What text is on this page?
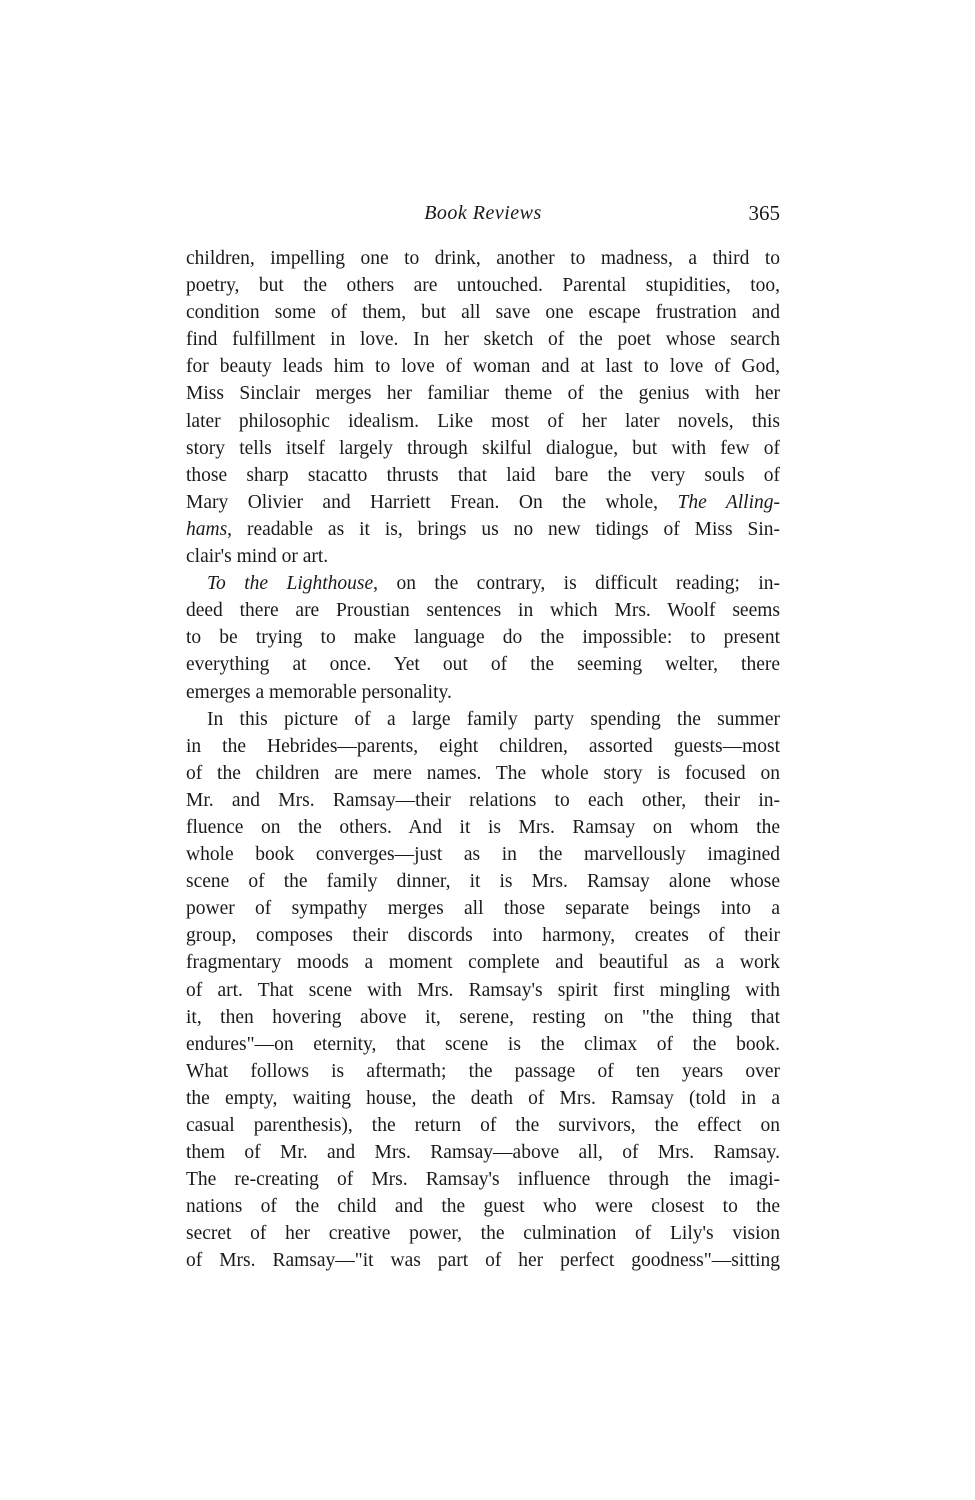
Book Reviews	365
children, impelling one to drink, another to madness, a third to
poetry, but the others are untouched. Parental stupidities, too,
condition some of them, but all save one escape frustration and
find fulfillment in love. In her sketch of the poet whose search
for beauty leads him to love of woman and at last to love of God,
Miss Sinclair merges her familiar theme of the genius with her
later philosophic idealism. Like most of her later novels, this
story tells itself largely through skilful dialogue, but with few of
those sharp stacatto thrusts that laid bare the very souls of
Mary Olivier and Harriett Frean. On the whole, The Alling-
hams, readable as it is, brings us no new tidings of Miss Sin-
clair's mind or art.
To the Lighthouse, on the contrary, is difficult reading; in-
deed there are Proustian sentences in which Mrs. Woolf seems
to be trying to make language do the impossible: to present
everything at once. Yet out of the seeming welter, there
emerges a memorable personality.
In this picture of a large family party spending the summer
in the Hebrides—parents, eight children, assorted guests—most
of the children are mere names. The whole story is focused on
Mr. and Mrs. Ramsay—their relations to each other, their in-
fluence on the others. And it is Mrs. Ramsay on whom the
whole book converges—just as in the marvellously imagined
scene of the family dinner, it is Mrs. Ramsay alone whose
power of sympathy merges all those separate beings into a
group, composes their discords into harmony, creates of their
fragmentary moods a moment complete and beautiful as a work
of art. That scene with Mrs. Ramsay's spirit first mingling with
it, then hovering above it, serene, resting on "the thing that
endures"—on eternity, that scene is the climax of the book.
What follows is aftermath; the passage of ten years over
the empty, waiting house, the death of Mrs. Ramsay (told in a
casual parenthesis), the return of the survivors, the effect on
them of Mr. and Mrs. Ramsay—above all, of Mrs. Ramsay.
The re-creating of Mrs. Ramsay's influence through the imagi-
nations of the child and the guest who were closest to the
secret of her creative power, the culmination of Lily's vision
of Mrs. Ramsay—"it was part of her perfect goodness"—sitting
